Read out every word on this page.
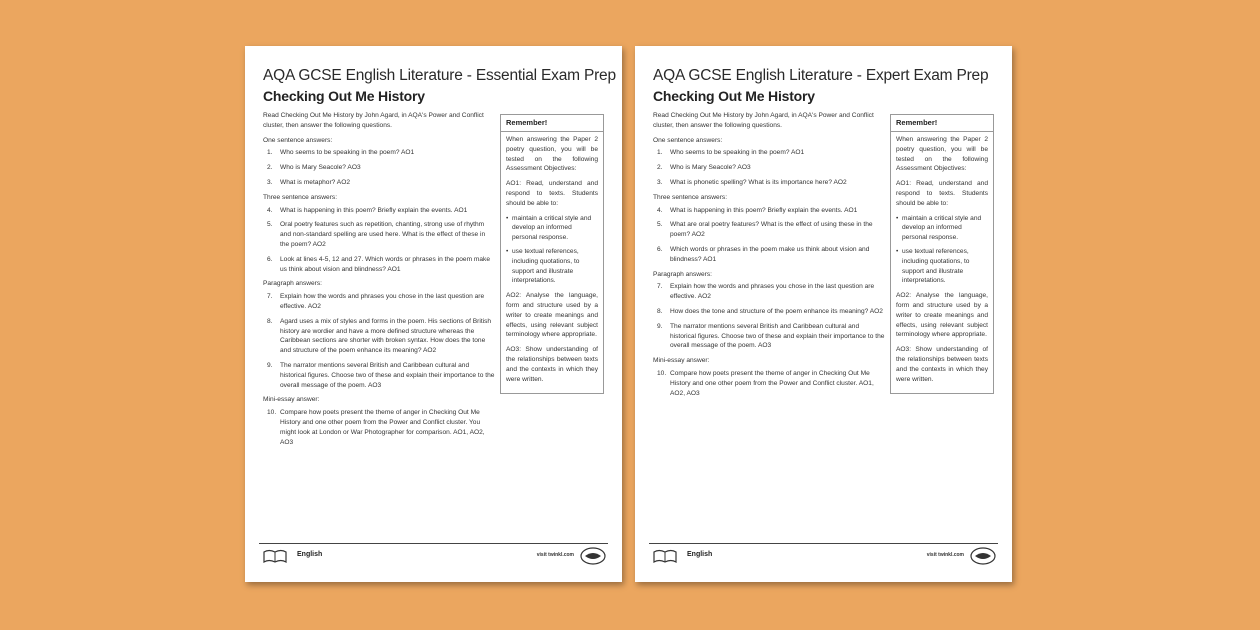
AQA GCSE English Literature - Essential Exam Prep
Checking Out Me History
Read Checking Out Me History by John Agard, in AQA's Power and Conflict cluster, then answer the following questions.
One sentence answers:
1. Who seems to be speaking in the poem? AO1
2. Who is Mary Seacole? AO3
3. What is metaphor? AO2
Three sentence answers:
4. What is happening in this poem? Briefly explain the events. AO1
5. Oral poetry features such as repetition, chanting, strong use of rhythm and non-standard spelling are used here. What is the effect of these in the poem? AO2
6. Look at lines 4-5, 12 and 27. Which words or phrases in the poem make us think about vision and blindness? AO1
Paragraph answers:
7. Explain how the words and phrases you chose in the last question are effective. AO2
8. Agard uses a mix of styles and forms in the poem. His sections of British history are wordier and have a more defined structure whereas the Caribbean sections are shorter with broken syntax. How does the tone and structure of the poem enhance its meaning? AO2
9. The narrator mentions several British and Caribbean cultural and historical figures. Choose two of these and explain their importance to the overall message of the poem. AO3
Mini-essay answer:
10. Compare how poets present the theme of anger in Checking Out Me History and one other poem from the Power and Conflict cluster. You might look at London or War Photographer for comparison. AO1, AO2, AO3
Remember!

When answering the Paper 2 poetry question, you will be tested on the following Assessment Objectives:

AO1: Read, understand and respond to texts. Students should be able to:

• maintain a critical style and develop an informed personal response.
• use textual references, including quotations, to support and illustrate interpretations.

AO2: Analyse the language, form and structure used by a writer to create meanings and effects, using relevant subject terminology where appropriate.

AO3: Show understanding of the relationships between texts and the contexts in which they were written.

English	visit twinkl.com
AQA GCSE English Literature - Expert Exam Prep
Checking Out Me History
Read Checking Out Me History by John Agard, in AQA's Power and Conflict cluster, then answer the following questions.
One sentence answers:
1. Who seems to be speaking in the poem? AO1
2. Who is Mary Seacole? AO3
3. What is phonetic spelling? What is its importance here? AO2
Three sentence answers:
4. What is happening in this poem? Briefly explain the events. AO1
5. What are oral poetry features? What is the effect of using these in the poem? AO2
6. Which words or phrases in the poem make us think about vision and blindness? AO1
Paragraph answers:
7. Explain how the words and phrases you chose in the last question are effective. AO2
8. How does the tone and structure of the poem enhance its meaning? AO2
9. The narrator mentions several British and Caribbean cultural and historical figures. Choose two of these and explain their importance to the overall message of the poem. AO3
Mini-essay answer:
10. Compare how poets present the theme of anger in Checking Out Me History and one other poem from the Power and Conflict cluster. AO1, AO2, AO3
Remember!

When answering the Paper 2 poetry question, you will be tested on the following Assessment Objectives:

AO1: Read, understand and respond to texts. Students should be able to:

• maintain a critical style and develop an informed personal response.
• use textual references, including quotations, to support and illustrate interpretations.

AO2: Analyse the language, form and structure used by a writer to create meanings and effects, using relevant subject terminology where appropriate.

AO3: Show understanding of the relationships between texts and the contexts in which they were written.

English	visit twinkl.com
